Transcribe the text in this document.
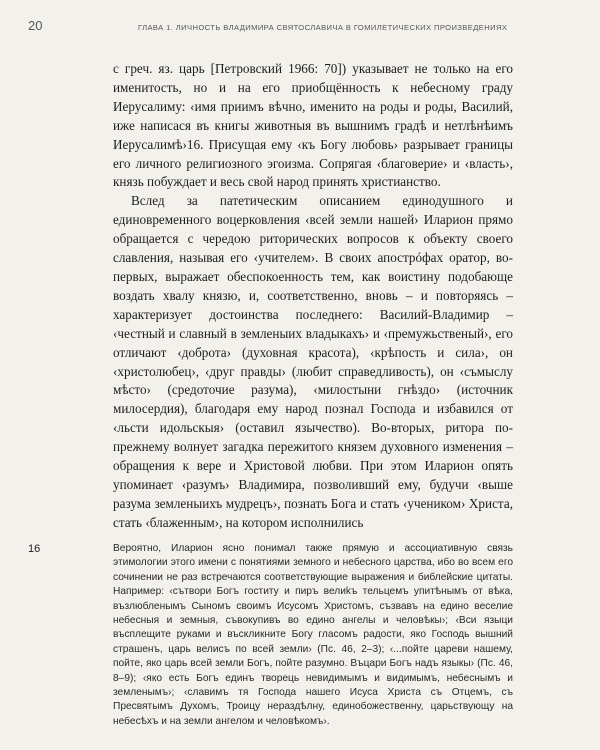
20	ГЛАВА 1. ЛИЧНОСТЬ ВЛАДИМИРА СВЯТОСЛАВИЧА В ГОМИЛЕТИЧЕСКИХ ПРОИЗВЕДЕНИЯХ

с греч. яз. царь [Петровский 1966: 70]) указывает не только на его именитость, но и на его приобщённость к небесному граду Иерусалиму: ‹имя приимъ вѣчно, именито на роды и роды, Василий, иже написася въ книгы животныя въ вышнимъ градѣ и нетлѣнѣимъ Иерусалимѣ›16. Присущая ему ‹къ Богу любовь› разрывает границы его личного религиозного эгоизма. Сопрягая ‹благоверие› и ‹власть›, князь побуждает и весь свой народ принять христианство.

Вслед за патетическим описанием единодушного и единовременного воцерковления ‹всей земли нашей› Иларион прямо обращается с чередою риторических вопросов к объекту своего славления, называя его ‹учителем›. В своих апострóфах оратор, во-первых, выражает обеспокоенность тем, как воистину подобающе воздать хвалу князю, и, соответственно, вновь – и повторяясь – характеризует достоинства последнего: Василий-Владимир – ‹честный и славный в земленыих владыкахъ› и ‹премужьственый›, его отличают ‹доброта› (духовная красота), ‹крѣпость и сила›, он ‹христолюбец›, ‹друг правды› (любит справедливость), он ‹съмыслу мѣсто› (средоточие разума), ‹милостыни гнѣздо› (источник милосердия), благодаря ему народ познал Господа и избавился от ‹льсти идольскыя› (оставил язычество). Во-вторых, ритора по-прежнему волнует загадка пережитого князем духовного изменения – обращения к вере и Христовой любви. При этом Иларион опять упоминает ‹разумъ› Владимира, позволивший ему, будучи ‹выше разума земленыихъ мудрецъ›, познать Бога и стать ‹учеником› Христа, стать ‹блаженным›, на котором исполнились

16	Вероятно, Иларион ясно понимал также прямую и ассоциативную связь этимологии этого имени с понятиями земного и небесного царства, ибо во всем его сочинении не раз встречаются соответствующие выражения и библейские цитаты. Например: ‹сътвори Богъ гоститу и пиръ велиkъ тельцемъ упитѣнымъ от вѣка, възлюбленымъ Сыномъ своимъ Исусомъ Христомъ, съзвавъ на едино веселие небесныя и земныя, съвокупивъ во едино ангелы и человѣкы›; ‹Вси языци въсплещите руками и въскликните Богу гласомъ радости, яко Господь вышний страшенъ, царь велисъ по всей земли› (Пс. 46, 2–3); ‹...пойте цареви нашему, пойте, яко царь всей земли Богъ, пойте разумно. Въцари Богъ надъ языкы› (Пс. 46, 8–9); ‹яко есть Богъ единъ творець невидимымъ и видимымъ, небеснымъ и земленымъ›; ‹славимъ тя Господа нашего Исуса Христа съ Отцемъ, съ Пресвятымъ Духомъ, Троицу нераздѣлну, единобожественну, царьствующу на небесѣхъ и на земли ангелом и человѣкомъ›.
